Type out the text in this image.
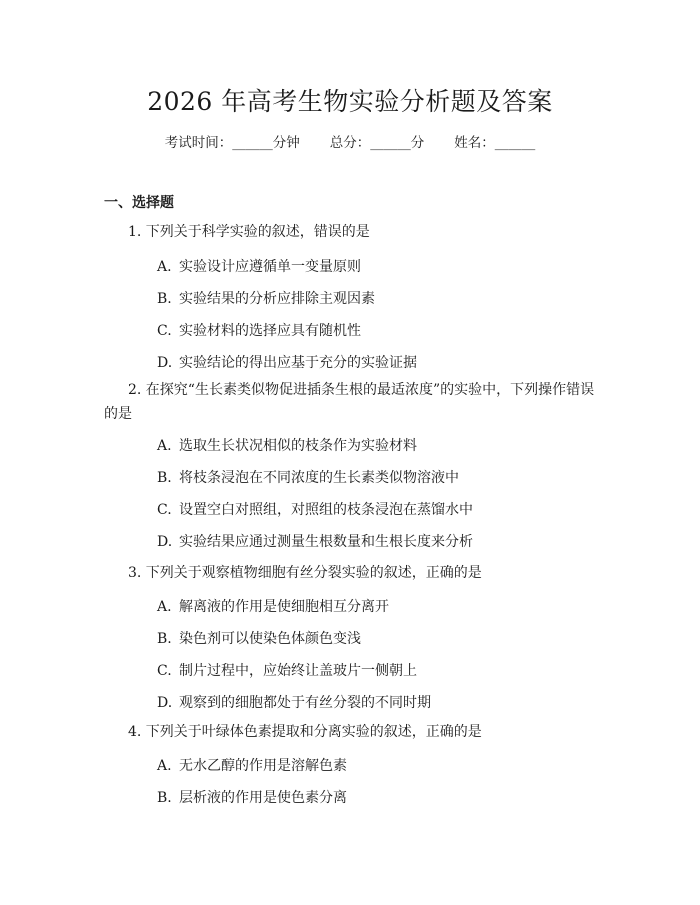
2026 年高考生物实验分析题及答案
考试时间：______分钟 总分：______分 姓名：______
一、选择题
1. 下列关于科学实验的叙述，错误的是
A. 实验设计应遵循单一变量原则
B. 实验结果的分析应排除主观因素
C. 实验材料的选择应具有随机性
D. 实验结论的得出应基于充分的实验证据
2. 在探究“生长素类似物促进插条生根的最适浓度”的实验中，下列操作错误的是
A. 选取生长状况相似的枝条作为实验材料
B. 将枝条浸泡在不同浓度的生长素类似物溶液中
C. 设置空白对照组，对照组的枝条浸泡在蒸馏水中
D. 实验结果应通过测量生根数量和生根长度来分析
3. 下列关于观察植物细胞有丝分裂实验的叙述，正确的是
A. 解离液的作用是使细胞相互分离开
B. 染色剂可以使染色体颜色变浅
C. 制片过程中，应始终让盖玻片一侧朝上
D. 观察到的细胞都处于有丝分裂的不同时期
4. 下列关于叶绿体色素提取和分离实验的叙述，正确的是
A. 无水乙醇的作用是溶解色素
B. 层析液的作用是使色素分离
